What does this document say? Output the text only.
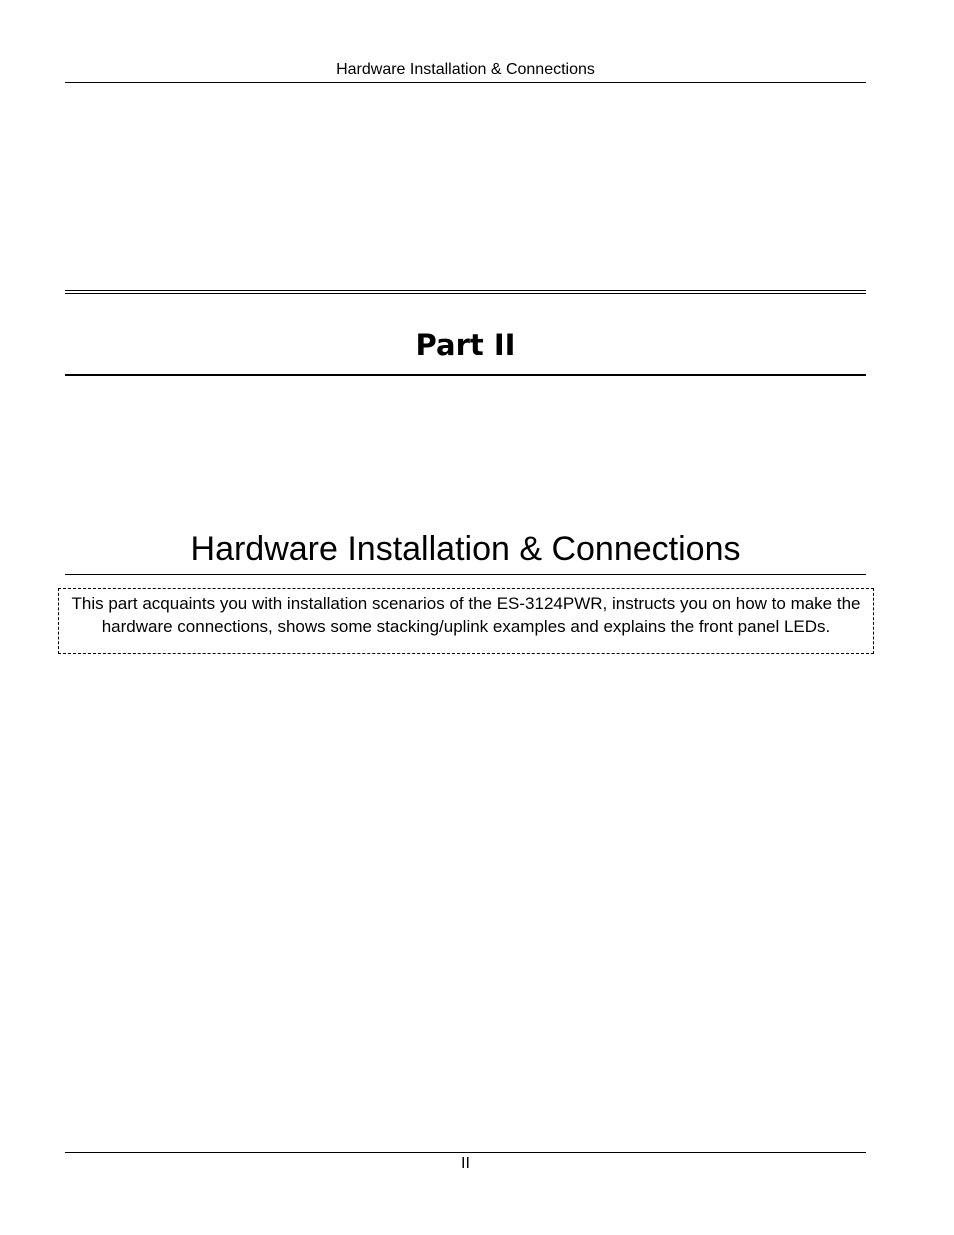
Hardware Installation & Connections
Part II
Hardware Installation & Connections
This part acquaints you with installation scenarios of the ES-3124PWR, instructs you on how to make the hardware connections, shows some stacking/uplink examples and explains the front panel LEDs.
II
